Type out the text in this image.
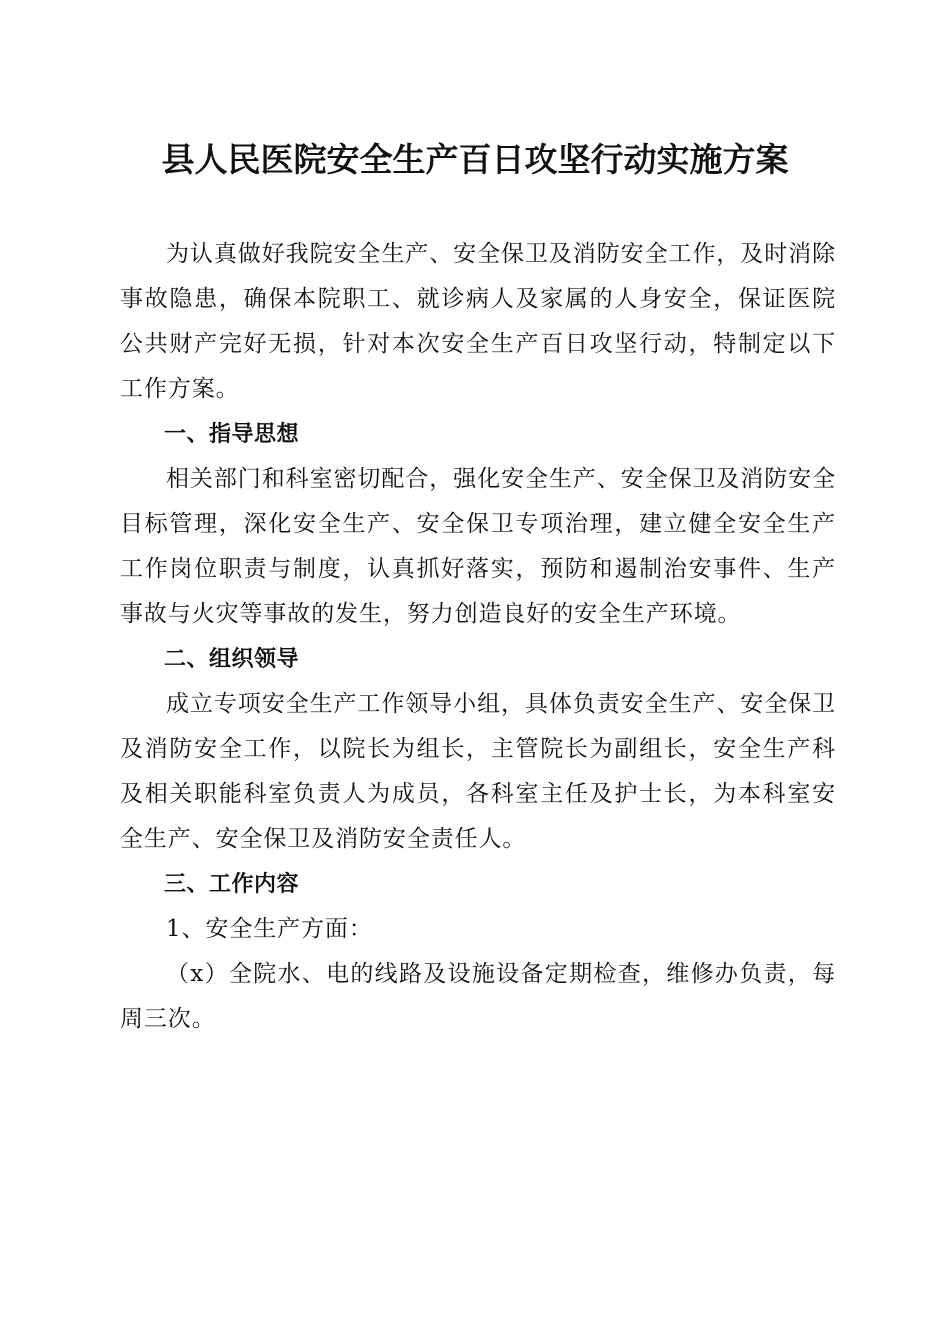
县人民医院安全生产百日攻坚行动实施方案

为认真做好我院安全生产、安全保卫及消防安全工作，及时消除事故隐患，确保本院职工、就诊病人及家属的人身安全，保证医院公共财产完好无损，针对本次安全生产百日攻坚行动，特制定以下工作方案。

一、指导思想

相关部门和科室密切配合，强化安全生产、安全保卫及消防安全目标管理，深化安全生产、安全保卫专项治理，建立健全安全生产工作岗位职责与制度，认真抓好落实，预防和遏制治安事件、生产事故与火灾等事故的发生，努力创造良好的安全生产环境。

二、组织领导

成立专项安全生产工作领导小组，具体负责安全生产、安全保卫及消防安全工作，以院长为组长，主管院长为副组长，安全生产科及相关职能科室负责人为成员，各科室主任及护士长，为本科室安全生产、安全保卫及消防安全责任人。

三、工作内容

1、安全生产方面：

（x）全院水、电的线路及设施设备定期检查，维修办负责，每周三次。
